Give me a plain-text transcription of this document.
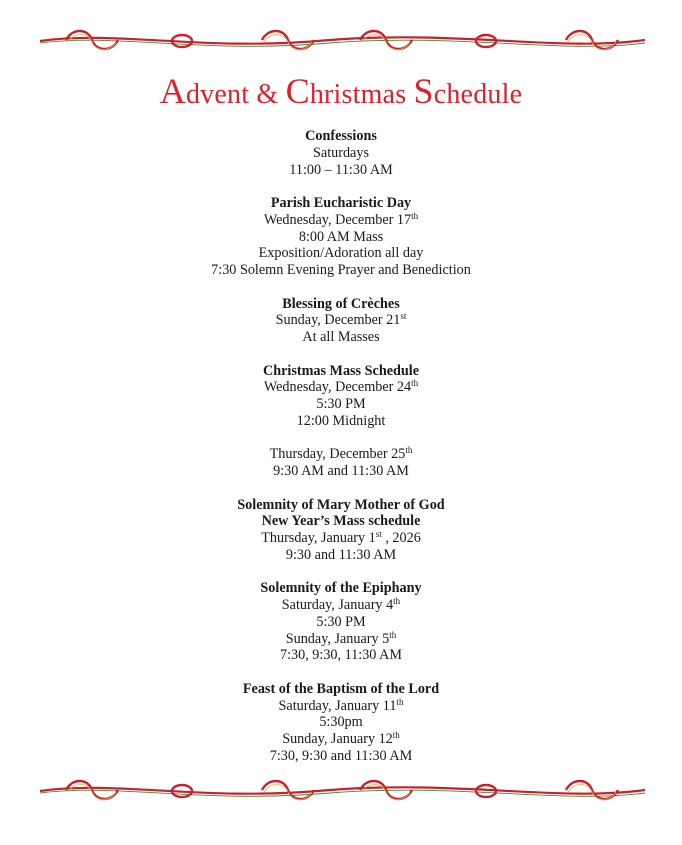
Advent & Christmas Schedule
Confessions
Saturdays
11:00 – 11:30 AM
Parish Eucharistic Day
Wednesday, December 17th
8:00 AM Mass
Exposition/Adoration all day
7:30 Solemn Evening Prayer and Benediction
Blessing of Crèches
Sunday, December 21st
At all Masses
Christmas Mass Schedule
Wednesday, December 24th
5:30 PM
12:00 Midnight
Thursday, December 25th
9:30 AM and 11:30 AM
Solemnity of Mary Mother of God
New Year’s Mass schedule
Thursday, January 1st , 2026
9:30 and 11:30 AM
Solemnity of the Epiphany
Saturday, January 4th
5:30 PM
Sunday, January 5th
7:30, 9:30, 11:30 AM
Feast of the Baptism of the Lord
Saturday, January 11th
5:30pm
Sunday, January 12th
7:30, 9:30 and 11:30 AM
